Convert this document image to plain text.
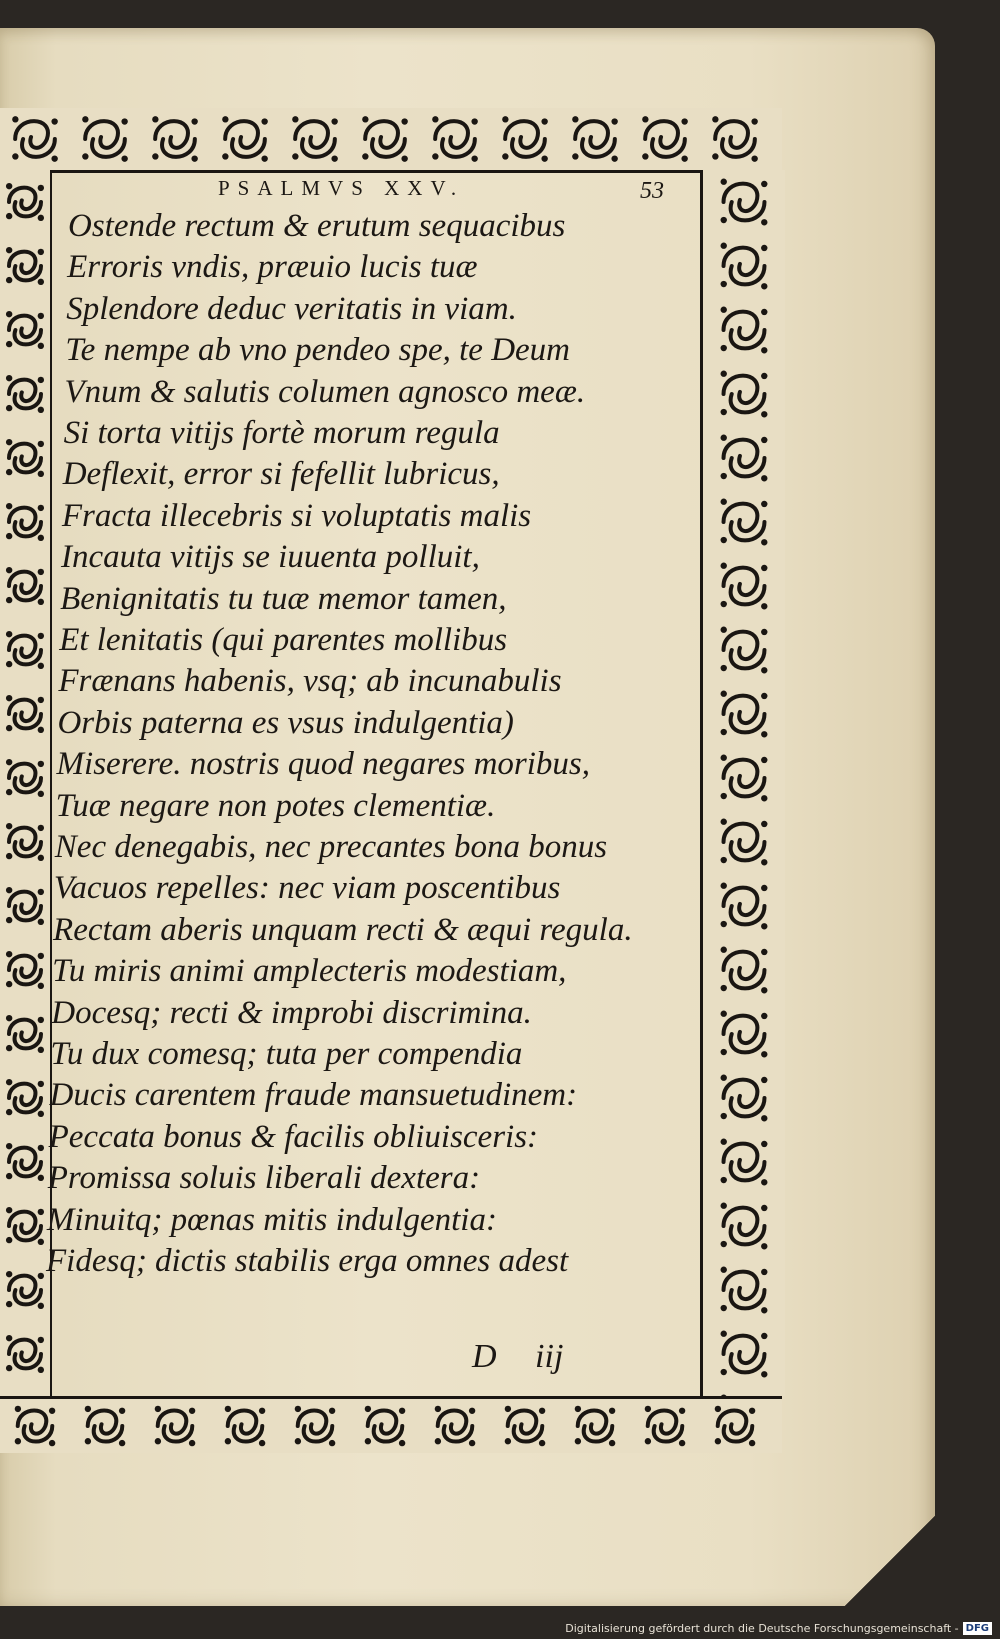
PSALMVS XXV.	53
Ostende rectum & erutum sequacibus
Erroris vndis, præuio lucis tuæ
Splendore deduc veritatis in viam.
Te nempe ab vno pendeo spe, te Deum
Vnum & salutis columen agnosco meæ.
Si torta vitijs fortè morum regula
Deflexit, error si fefellit lubricus,
Fracta illecebris si voluptatis malis
Incauta vitijs se iuuenta polluit,
Benignitatis tu tuæ memor tamen,
Et lenitatis (qui parentes mollibus
Frænans habenis, vsq; ab incunabulis
Orbis paterna es vsus indulgentia)
Miserere. nostris quod negares moribus,
Tuæ negare non potes clementiæ.
Nec denegabis, nec precantes bona bonus
Vacuos repelles: nec viam poscentibus
Rectam aberis unquam recti & æqui regula.
Tu miris animi amplecteris modestiam,
Docesq; recti & improbi discrimina.
Tu dux comesq; tuta per compendia
Ducis carentem fraude mansuetudinem:
Peccata bonus & facilis obliuisceris:
Promissa soluis liberali dextera:
Minuitq; pœnas mitis indulgentia:
Fidesq; dictis stabilis erga omnes adest
D iij
Digitalisierung gefördert durch die Deutsche Forschungsgemeinschaft - DFG
